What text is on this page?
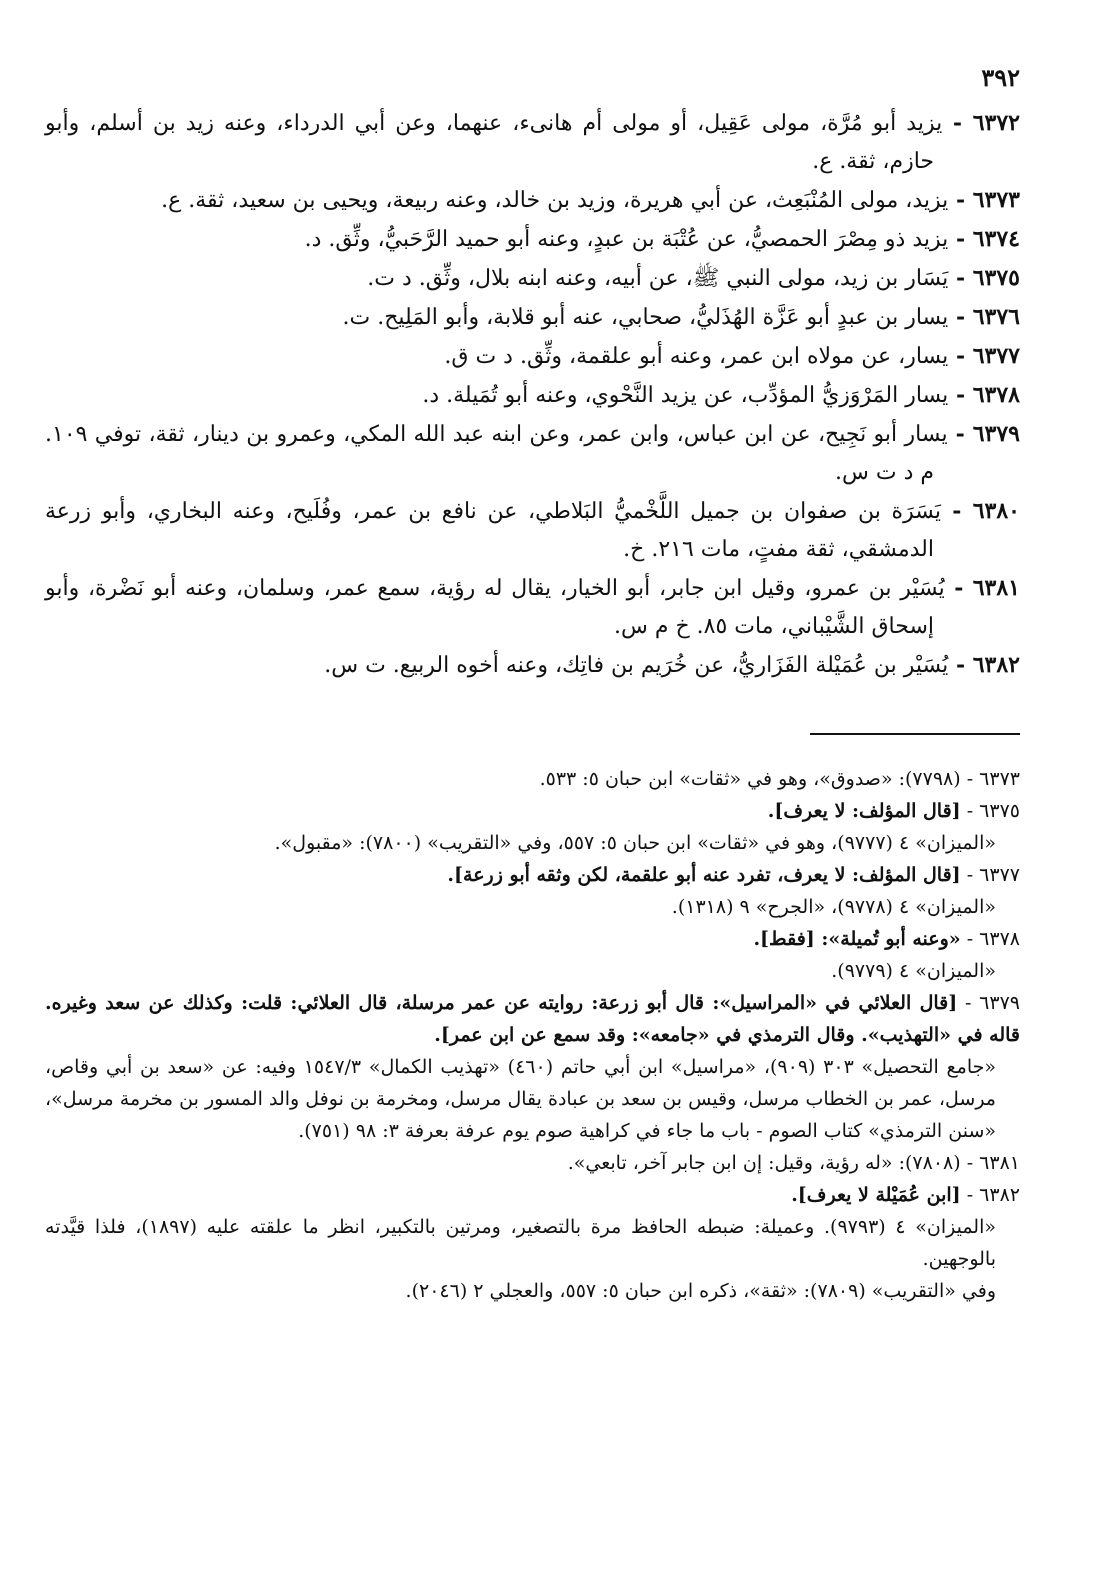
٣٩٢
٦٣٧٢ - يزيد أبو مُرَّة، مولى عَقِيل، أو مولى أم هانىء، عنهما، وعن أبي الدرداء، وعنه زيد بن أسلم، وأبو حازم، ثقة. ع.
٦٣٧٣ - يزيد، مولى المُنْبَعِث، عن أبي هريرة، وزيد بن خالد، وعنه ربيعة، ويحيى بن سعيد، ثقة. ع.
٦٣٧٤ - يزيد ذو مِصْرَ الحمصيُّ، عن عُتْبَة بن عبدٍ، وعنه أبو حميد الرَّحَبيُّ، وثِّق. د.
٦٣٧٥ - يَسَار بن زيد، مولى النبي ﷺ، عن أبيه، وعنه ابنه بلال، وثِّق. د ت.
٦٣٧٦ - يسار بن عبدٍ أبو عَزَّة الهُذَليُّ، صحابي، عنه أبو قلابة، وأبو المَلِيح. ت.
٦٣٧٧ - يسار، عن مولاه ابن عمر، وعنه أبو علقمة، وثِّق. د ت ق.
٦٣٧٨ - يسار المَرْوَزيُّ المؤدِّب، عن يزيد النَّحْوي، وعنه أبو تُمَيلة. د.
٦٣٧٩ - يسار أبو نَجِيح، عن ابن عباس، وابن عمر، وعن ابنه عبد الله المكي، وعمرو بن دينار، ثقة، توفي ١٠٩. م د ت س.
٦٣٨٠ - يَسَرَة بن صفوان بن جميل اللَّخْميُّ البَلاطي، عن نافع بن عمر، وفُلَيح، وعنه البخاري، وأبو زرعة الدمشقي، ثقة مفتٍ، مات ٢١٦. خ.
٦٣٨١ - يُسَيْر بن عمرو، وقيل ابن جابر، أبو الخيار، يقال له رؤية، سمع عمر، وسلمان، وعنه أبو نَضْرة، وأبو إسحاق الشَّيْباني، مات ٨٥. خ م س.
٦٣٨٢ - يُسَيْر بن عُمَيْلة الفَزَاريُّ، عن خُرَيم بن فاتِك، وعنه أخوه الربيع. ت س.
٦٣٧٣ - (٧٧٩٨): «صدوق»، وهو في «ثقات» ابن حبان ٥: ٥٣٣.
٦٣٧٥ - [قال المؤلف: لا يعرف].
«الميزان» ٤ (٩٧٧٧)، وهو في «ثقات» ابن حبان ٥: ٥٥٧، وفي «التقريب» (٧٨٠٠): «مقبول».
٦٣٧٧ - [قال المؤلف: لا يعرف، تفرد عنه أبو علقمة، لكن وثقه أبو زرعة].
«الميزان» ٤ (٩٧٧٨)، «الجرح» ٩ (١٣١٨).
٦٣٧٨ - «وعنه أبو تُميلة»: [فقط].
«الميزان» ٤ (٩٧٧٩).
٦٣٧٩ - [قال العلائي في «المراسيل»: قال أبو زرعة: روايته عن عمر مرسلة، قال العلائي: قلت: وكذلك عن سعد وغيره. قاله في «التهذيب». وقال الترمذي في «جامعه»: وقد سمع عن ابن عمر].
«جامع التحصيل» ٣٠٣ (٩٠٩)، «مراسيل» ابن أبي حاتم (٤٦٠) «تهذيب الكمال» ١٥٤٧/٣ وفيه: عن «سعد بن أبي وقاص، مرسل، عمر بن الخطاب مرسل، وقيس بن سعد بن عبادة يقال مرسل، ومخرمة بن نوفل والد المسور بن مخرمة مرسل»، «سنن الترمذي» كتاب الصوم - باب ما جاء في كراهية صوم يوم عرفة بعرفة ٣: ٩٨ (٧٥١).
٦٣٨١ - (٧٨٠٨): «له رؤية، وقيل: إن ابن جابر آخر، تابعي».
٦٣٨٢ - [ابن عُمَيْلة لا يعرف].
«الميزان» ٤ (٩٧٩٣). وعميلة: ضبطه الحافظ مرة بالتصغير، ومرتين بالتكبير، انظر ما علقته عليه (١٨٩٧)، فلذا قيَّدته بالوجهين.
وفي «التقريب» (٧٨٠٩): «ثقة»، ذكره ابن حبان ٥: ٥٥٧، والعجلي ٢ (٢٠٤٦).
